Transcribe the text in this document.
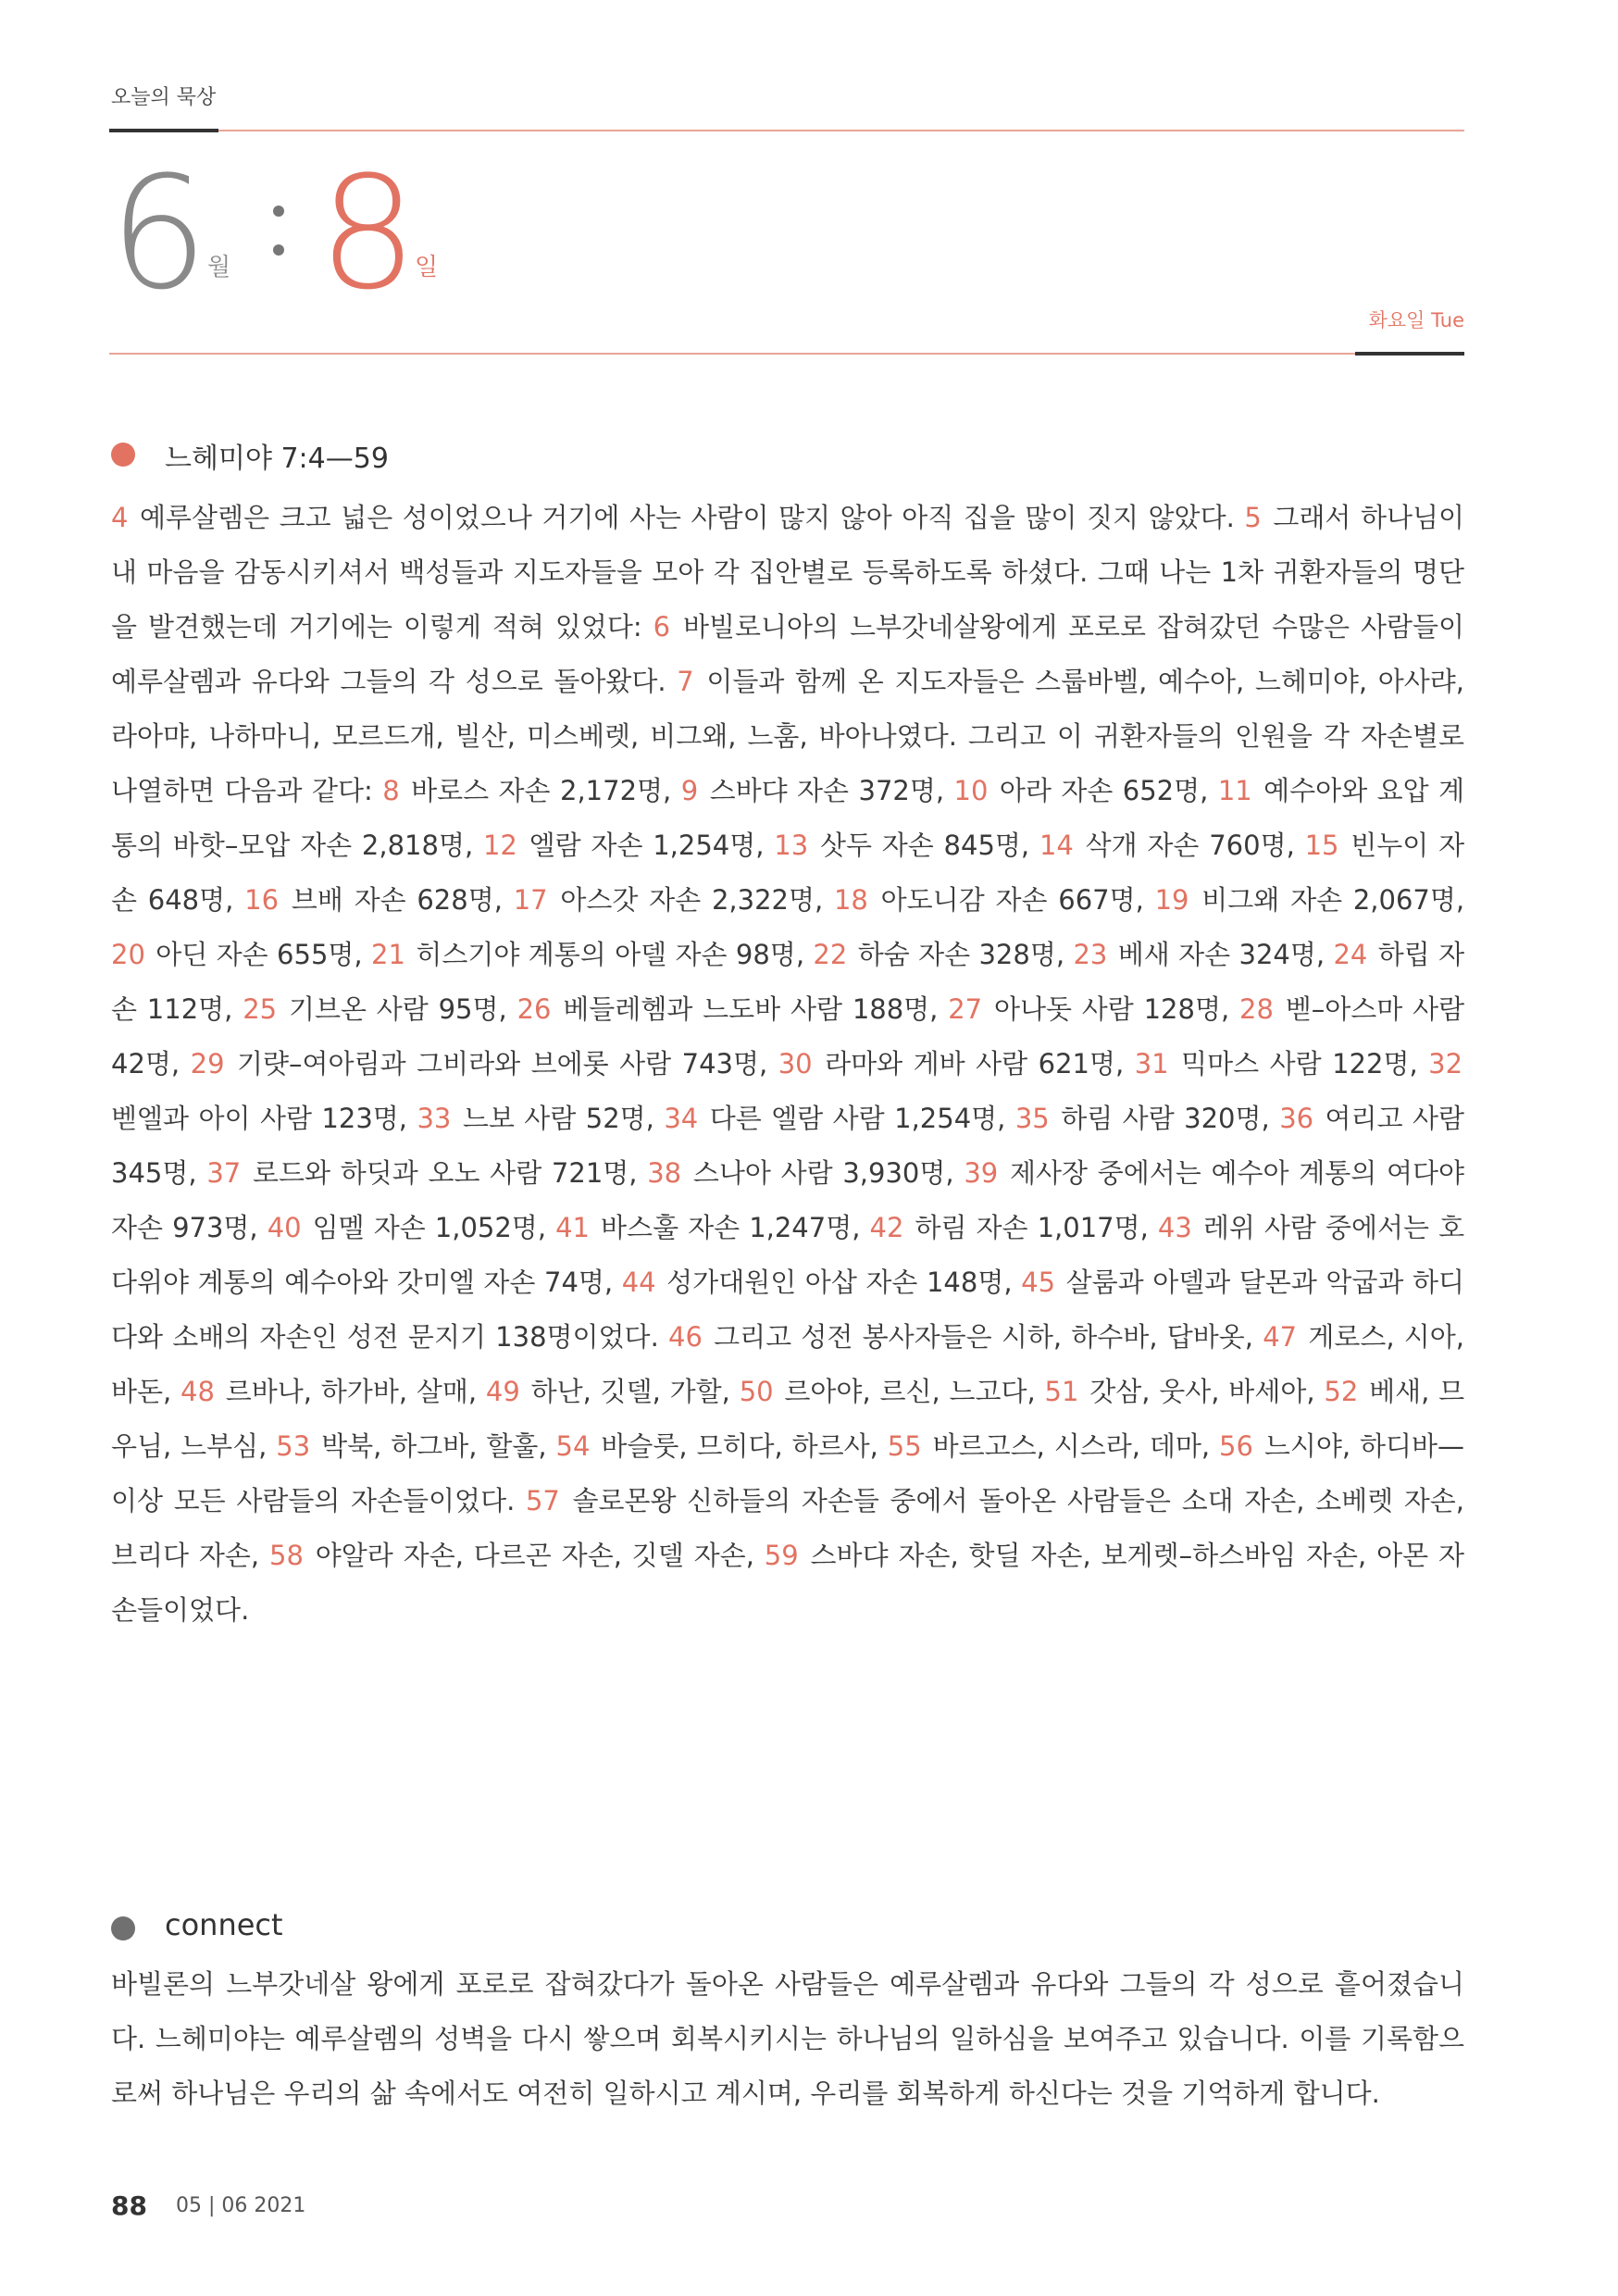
오늘의 묵상
6 월 8
일
화요일 Tue
느헤미야 7:4—59

4 예루살렘은 크고 넓은 성이었으나 거기에 사는 사람이 많지 않아 아직 집을 많이 짓지 않았다. 5 그래서 하나님이 내 마음을 감동시키셔서 백성들과 지도자들을 모아 각 집안별로 등록하도록 하셨다. 그때 나는 1차 귀환자들의 명단을 발견했는데 거기에는 이렇게 적혀 있었다: 6 바빌로니아의 느부갓네살왕에게 포로로 잡혀갔던 수많은 사람들이 예루살렘과 유다와 그들의 각 성으로 돌아왔다. 7 이들과 함께 온 지도자들은 스룹바벨, 예수아, 느헤미야, 아사랴, 라아먀, 나하마니, 모르드개, 빌산, 미스베렛, 비그왜, 느훔, 바아나였다. 그리고 이 귀환자들의 인원을 각 자손별로 나열하면 다음과 같다: 8 바로스 자손 2,172명, 9 스바댜 자손 372명, 10 아라 자손 652명, 11 예수아와 요압 계통의 바핫–모압 자손 2,818명, 12 엘람 자손 1,254명, 13 삿두 자손 845명, 14 삭개 자손 760명, 15 빈누이 자손 648명, 16 브배 자손 628명, 17 아스갓 자손 2,322명, 18 아도니감 자손 667명, 19 비그왜 자손 2,067명, 20 아딘 자손 655명, 21 히스기야 계통의 아델 자손 98명, 22 하숨 자손 328명, 23 베새 자손 324명, 24 하립 자손 112명, 25 기브온 사람 95명, 26 베들레헴과 느도바 사람 188명, 27 아나돗 사람 128명, 28 벧–아스마 사람 42명, 29 기럇–여아림과 그비라와 브에롯 사람 743명, 30 라마와 게바 사람 621명, 31 믹마스 사람 122명, 32 벧엘과 아이 사람 123명, 33 느보 사람 52명, 34 다른 엘람 사람 1,254명, 35 하림 사람 320명, 36 여리고 사람 345명, 37 로드와 하딧과 오노 사람 721명, 38 스나아 사람 3,930명, 39 제사장 중에서는 예수아 계통의 여다야 자손 973명, 40 임멜 자손 1,052명, 41 바스훌 자손 1,247명, 42 하림 자손 1,017명, 43 레위 사람 중에서는 호다위야 계통의 예수아와 갓미엘 자손 74명, 44 성가대원인 아삽 자손 148명, 45 살룸과 아델과 달몬과 악굽과 하디다와 소배의 자손인 성전 문지기 138명이었다. 46 그리고 성전 봉사자들은 시하, 하수바, 답바옷, 47 게로스, 시아, 바돈, 48 르바나, 하가바, 살매, 49 하난, 깃델, 가할, 50 르아야, 르신, 느고다, 51 갓삼, 웃사, 바세아, 52 베새, 므우님, 느부심, 53 박북, 하그바, 할훌, 54 바슬룻, 므히다, 하르사, 55 바르고스, 시스라, 데마, 56 느시야, 하디바—이상 모든 사람들의 자손들이었다. 57 솔로몬왕 신하들의 자손들 중에서 돌아온 사람들은 소대 자손, 소베렛 자손, 브리다 자손, 58 야알라 자손, 다르곤 자손, 깃델 자손, 59 스바댜 자손, 핫딜 자손, 보게렛–하스바임 자손, 아몬 자손들이었다.

connect

바빌론의 느부갓네살 왕에게 포로로 잡혀갔다가 돌아온 사람들은 예루살렘과 유다와 그들의 각 성으로 흩어졌습니다. 느헤미야는 예루살렘의 성벽을 다시 쌓으며 회복시키시는 하나님의 일하심을 보여주고 있습니다. 이를 기록함으로써 하나님은 우리의 삶 속에서도 여전히 일하시고 계시며, 우리를 회복하게 하신다는 것을 기억하게 합니다.

88 05 | 06 2021
